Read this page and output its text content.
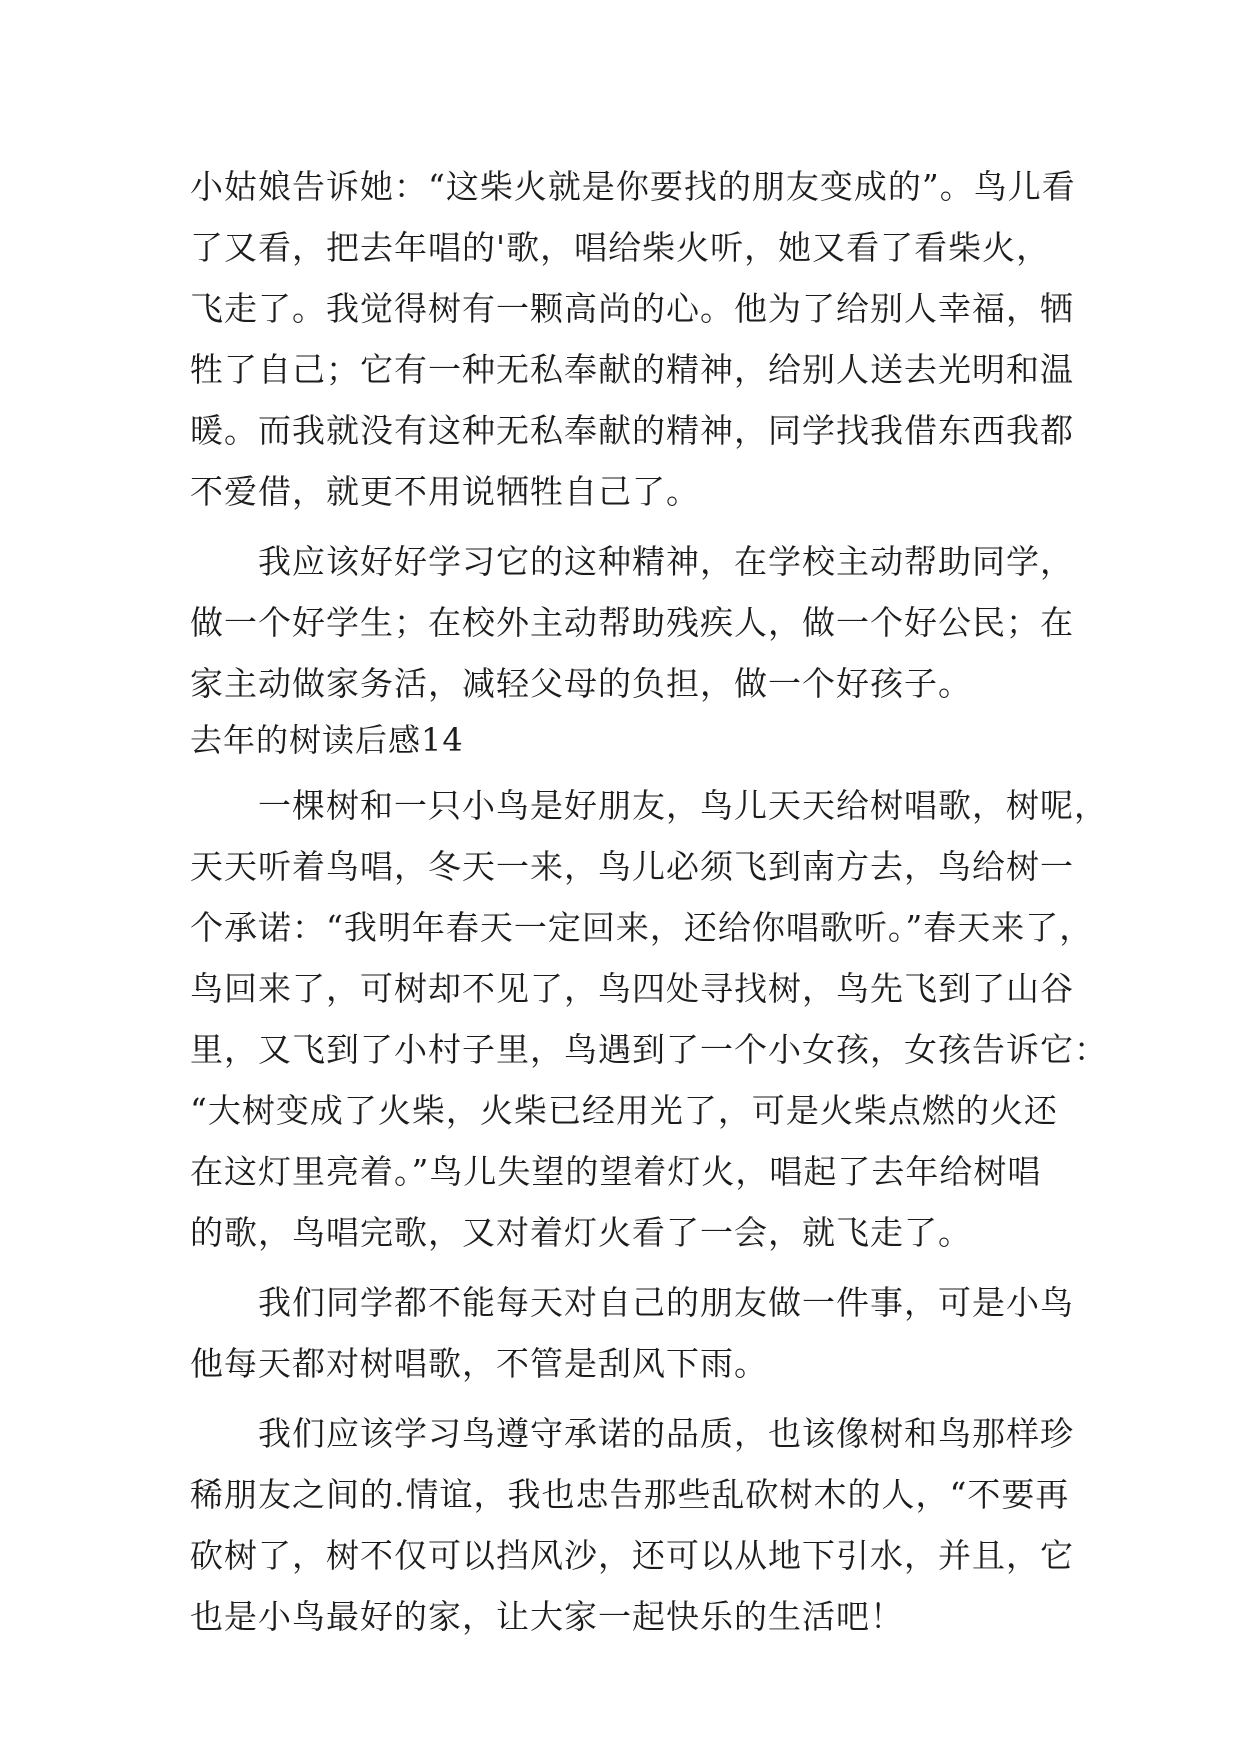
小姑娘告诉她：“这柴火就是你要找的朋友变成的”。鸟儿看

了又看，把去年唱的'歌，唱给柴火听，她又看了看柴火，

飞走了。我觉得树有一颗高尚的心。他为了给别人幸福，牺

牲了自己；它有一种无私奉献的精神，给别人送去光明和温

暖。而我就没有这种无私奉献的精神，同学找我借东西我都

不爱借，就更不用说牺牲自己了。

　　我应该好好学习它的这种精神，在学校主动帮助同学，

做一个好学生；在校外主动帮助残疾人，做一个好公民；在

家主动做家务活，减轻父母的负担，做一个好孩子。

去年的树读后感14

　　一棵树和一只小鸟是好朋友，鸟儿天天给树唱歌，树呢，

天天听着鸟唱，冬天一来，鸟儿必须飞到南方去，鸟给树一

个承诺：“我明年春天一定回来，还给你唱歌听。”春天来了，

鸟回来了，可树却不见了，鸟四处寻找树，鸟先飞到了山谷

里，又飞到了小村子里，鸟遇到了一个小女孩，女孩告诉它：

“大树变成了火柴，火柴已经用光了，可是火柴点燃的火还

在这灯里亮着。”鸟儿失望的望着灯火，唱起了去年给树唱

的歌，鸟唱完歌，又对着灯火看了一会，就飞走了。

　　我们同学都不能每天对自己的朋友做一件事，可是小鸟

他每天都对树唱歌，不管是刮风下雨。

　　我们应该学习鸟遵守承诺的品质，也该像树和鸟那样珍

稀朋友之间的.情谊，我也忠告那些乱砍树木的人，“不要再

砍树了，树不仅可以挡风沙，还可以从地下引水，并且，它

也是小鸟最好的家，让大家一起快乐的生活吧！
